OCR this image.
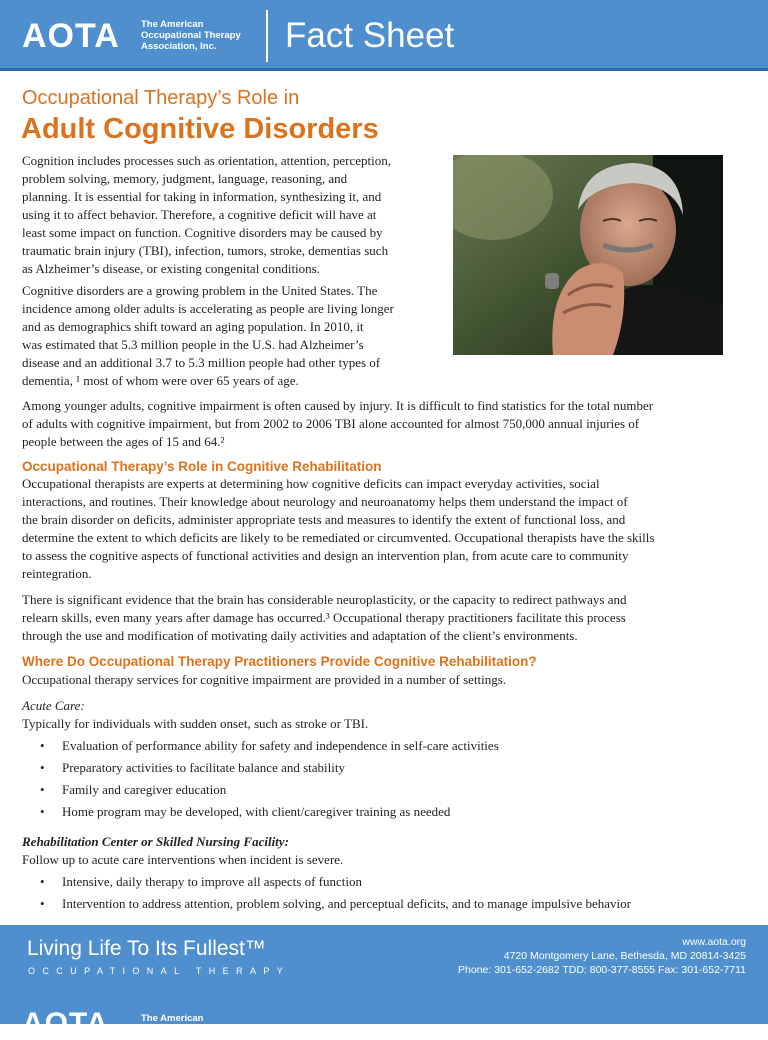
AOTA The American
Occupational Therapy
Association, Inc.	Fact Sheet
Occupational Therapy’s Role in
Adult Cognitive Disorders
Cognition includes processes such as orientation, attention, perception,
problem solving, memory, judgment, language, reasoning, and
planning. It is essential for taking in information, synthesizing it, and
using it to affect behavior. Therefore, a cognitive deficit will have at
least some impact on function. Cognitive disorders may be caused by
traumatic brain injury (TBI), infection, tumors, stroke, dementias such
as Alzheimer’s disease, or existing congenital conditions.
Cognitive disorders are a growing problem in the United States. The
incidence among older adults is accelerating as people are living longer
and as demographics shift toward an aging population. In 2010, it
was estimated that 5.3 million people in the U.S. had Alzheimer’s
disease and an additional 3.7 to 5.3 million people had other types of
dementia, ¹ most of whom were over 65 years of age.
Among younger adults, cognitive impairment is often caused by injury. It is difficult to find statistics for the total number
of adults with cognitive impairment, but from 2002 to 2006 TBI alone accounted for almost 750,000 annual injuries of
people between the ages of 15 and 64.²
Occupational Therapy’s Role in Cognitive Rehabilitation
Occupational therapists are experts at determining how cognitive deficits can impact everyday activities, social
interactions, and routines. Their knowledge about neurology and neuroanatomy helps them understand the impact of
the brain disorder on deficits, administer appropriate tests and measures to identify the extent of functional loss, and
determine the extent to which deficits are likely to be remediated or circumvented. Occupational therapists have the skills
to assess the cognitive aspects of functional activities and design an intervention plan, from acute care to community
reintegration.
There is significant evidence that the brain has considerable neuroplasticity, or the capacity to redirect pathways and
relearn skills, even many years after damage has occurred.³ Occupational therapy practitioners facilitate this process
through the use and modification of motivating daily activities and adaptation of the client’s environments.
Where Do Occupational Therapy Practitioners Provide Cognitive Rehabilitation?
Occupational therapy services for cognitive impairment are provided in a number of settings.
Acute Care:
Typically for individuals with sudden onset, such as stroke or TBI.
• Evaluation of performance ability for safety and independence in self-care activities
• Preparatory activities to facilitate balance and stability
• Family and caregiver education
• Home program may be developed, with client/caregiver training as needed
Rehabilitation Center or Skilled Nursing Facility:
Follow up to acute care interventions when incident is severe.
• Intensive, daily therapy to improve all aspects of function
• Intervention to address attention, problem solving, and perceptual deficits, and to manage impulsive behavior
Living Life To Its Fullest™
OCCUPATIONAL THERAPY
www.aota.org
4720 Montgomery Lane, Bethesda, MD 20814-3425
Phone: 301-652-2682 TDD: 800-377-8555 Fax: 301-652-7711
AOTA	The American
